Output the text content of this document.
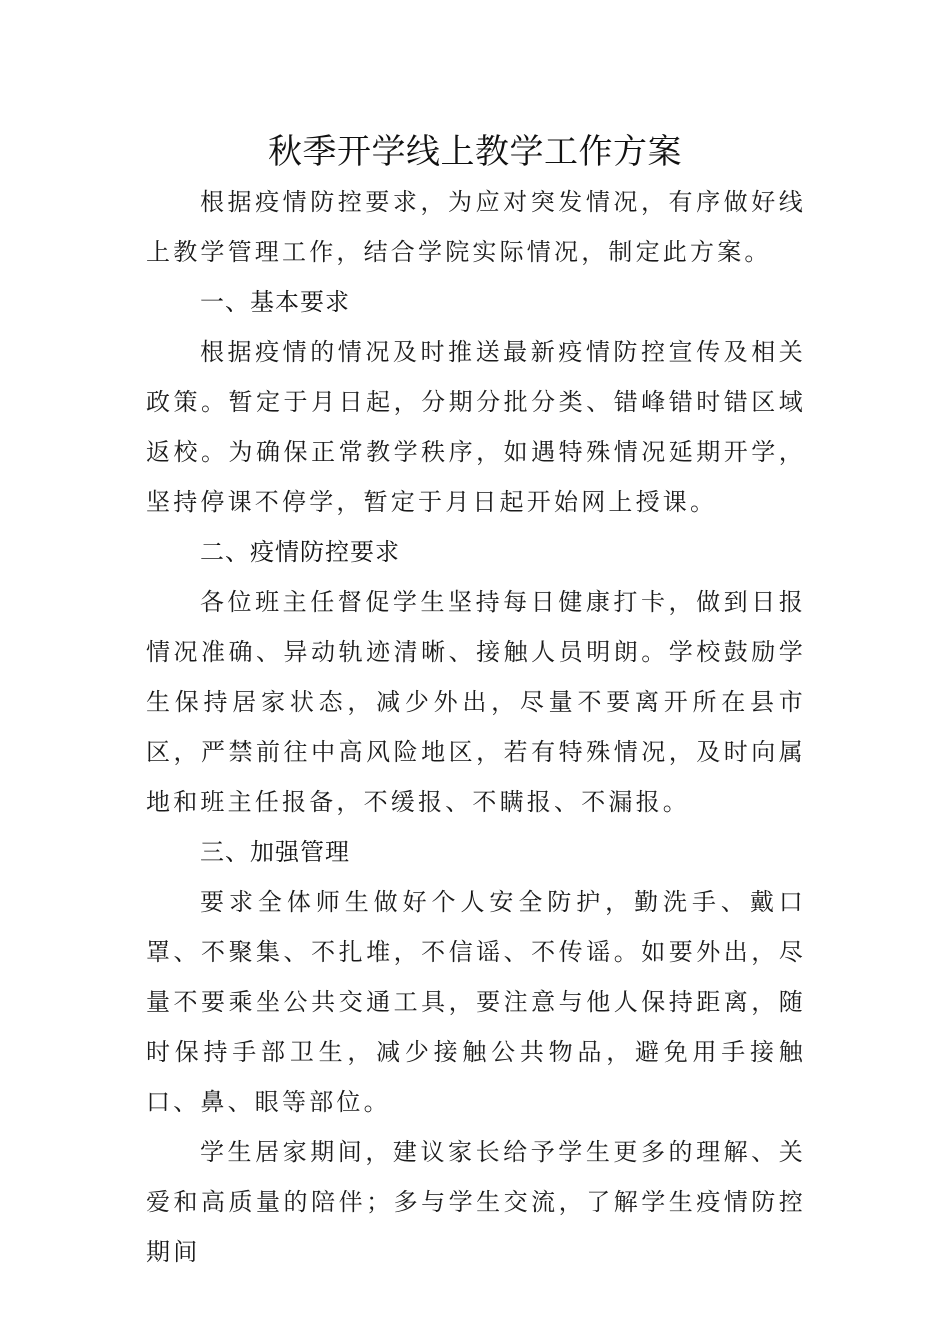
秋季开学线上教学工作方案

根据疫情防控要求，为应对突发情况，有序做好线上教学管理工作，结合学院实际情况，制定此方案。

一、基本要求

根据疫情的情况及时推送最新疫情防控宣传及相关政策。暂定于月日起，分期分批分类、错峰错时错区域返校。为确保正常教学秩序，如遇特殊情况延期开学，坚持停课不停学，暂定于月日起开始网上授课。

二、疫情防控要求

各位班主任督促学生坚持每日健康打卡，做到日报情况准确、异动轨迹清晰、接触人员明朗。学校鼓励学生保持居家状态，减少外出，尽量不要离开所在县市区，严禁前往中高风险地区，若有特殊情况，及时向属地和班主任报备，不缓报、不瞒报、不漏报。

三、加强管理

要求全体师生做好个人安全防护，勤洗手、戴口罩、不聚集、不扎堆，不信谣、不传谣。如要外出，尽量不要乘坐公共交通工具，要注意与他人保持距离，随时保持手部卫生，减少接触公共物品，避免用手接触口、鼻、眼等部位。

学生居家期间，建议家长给予学生更多的理解、关爱和高质量的陪伴；多与学生交流，了解学生疫情防控期间
